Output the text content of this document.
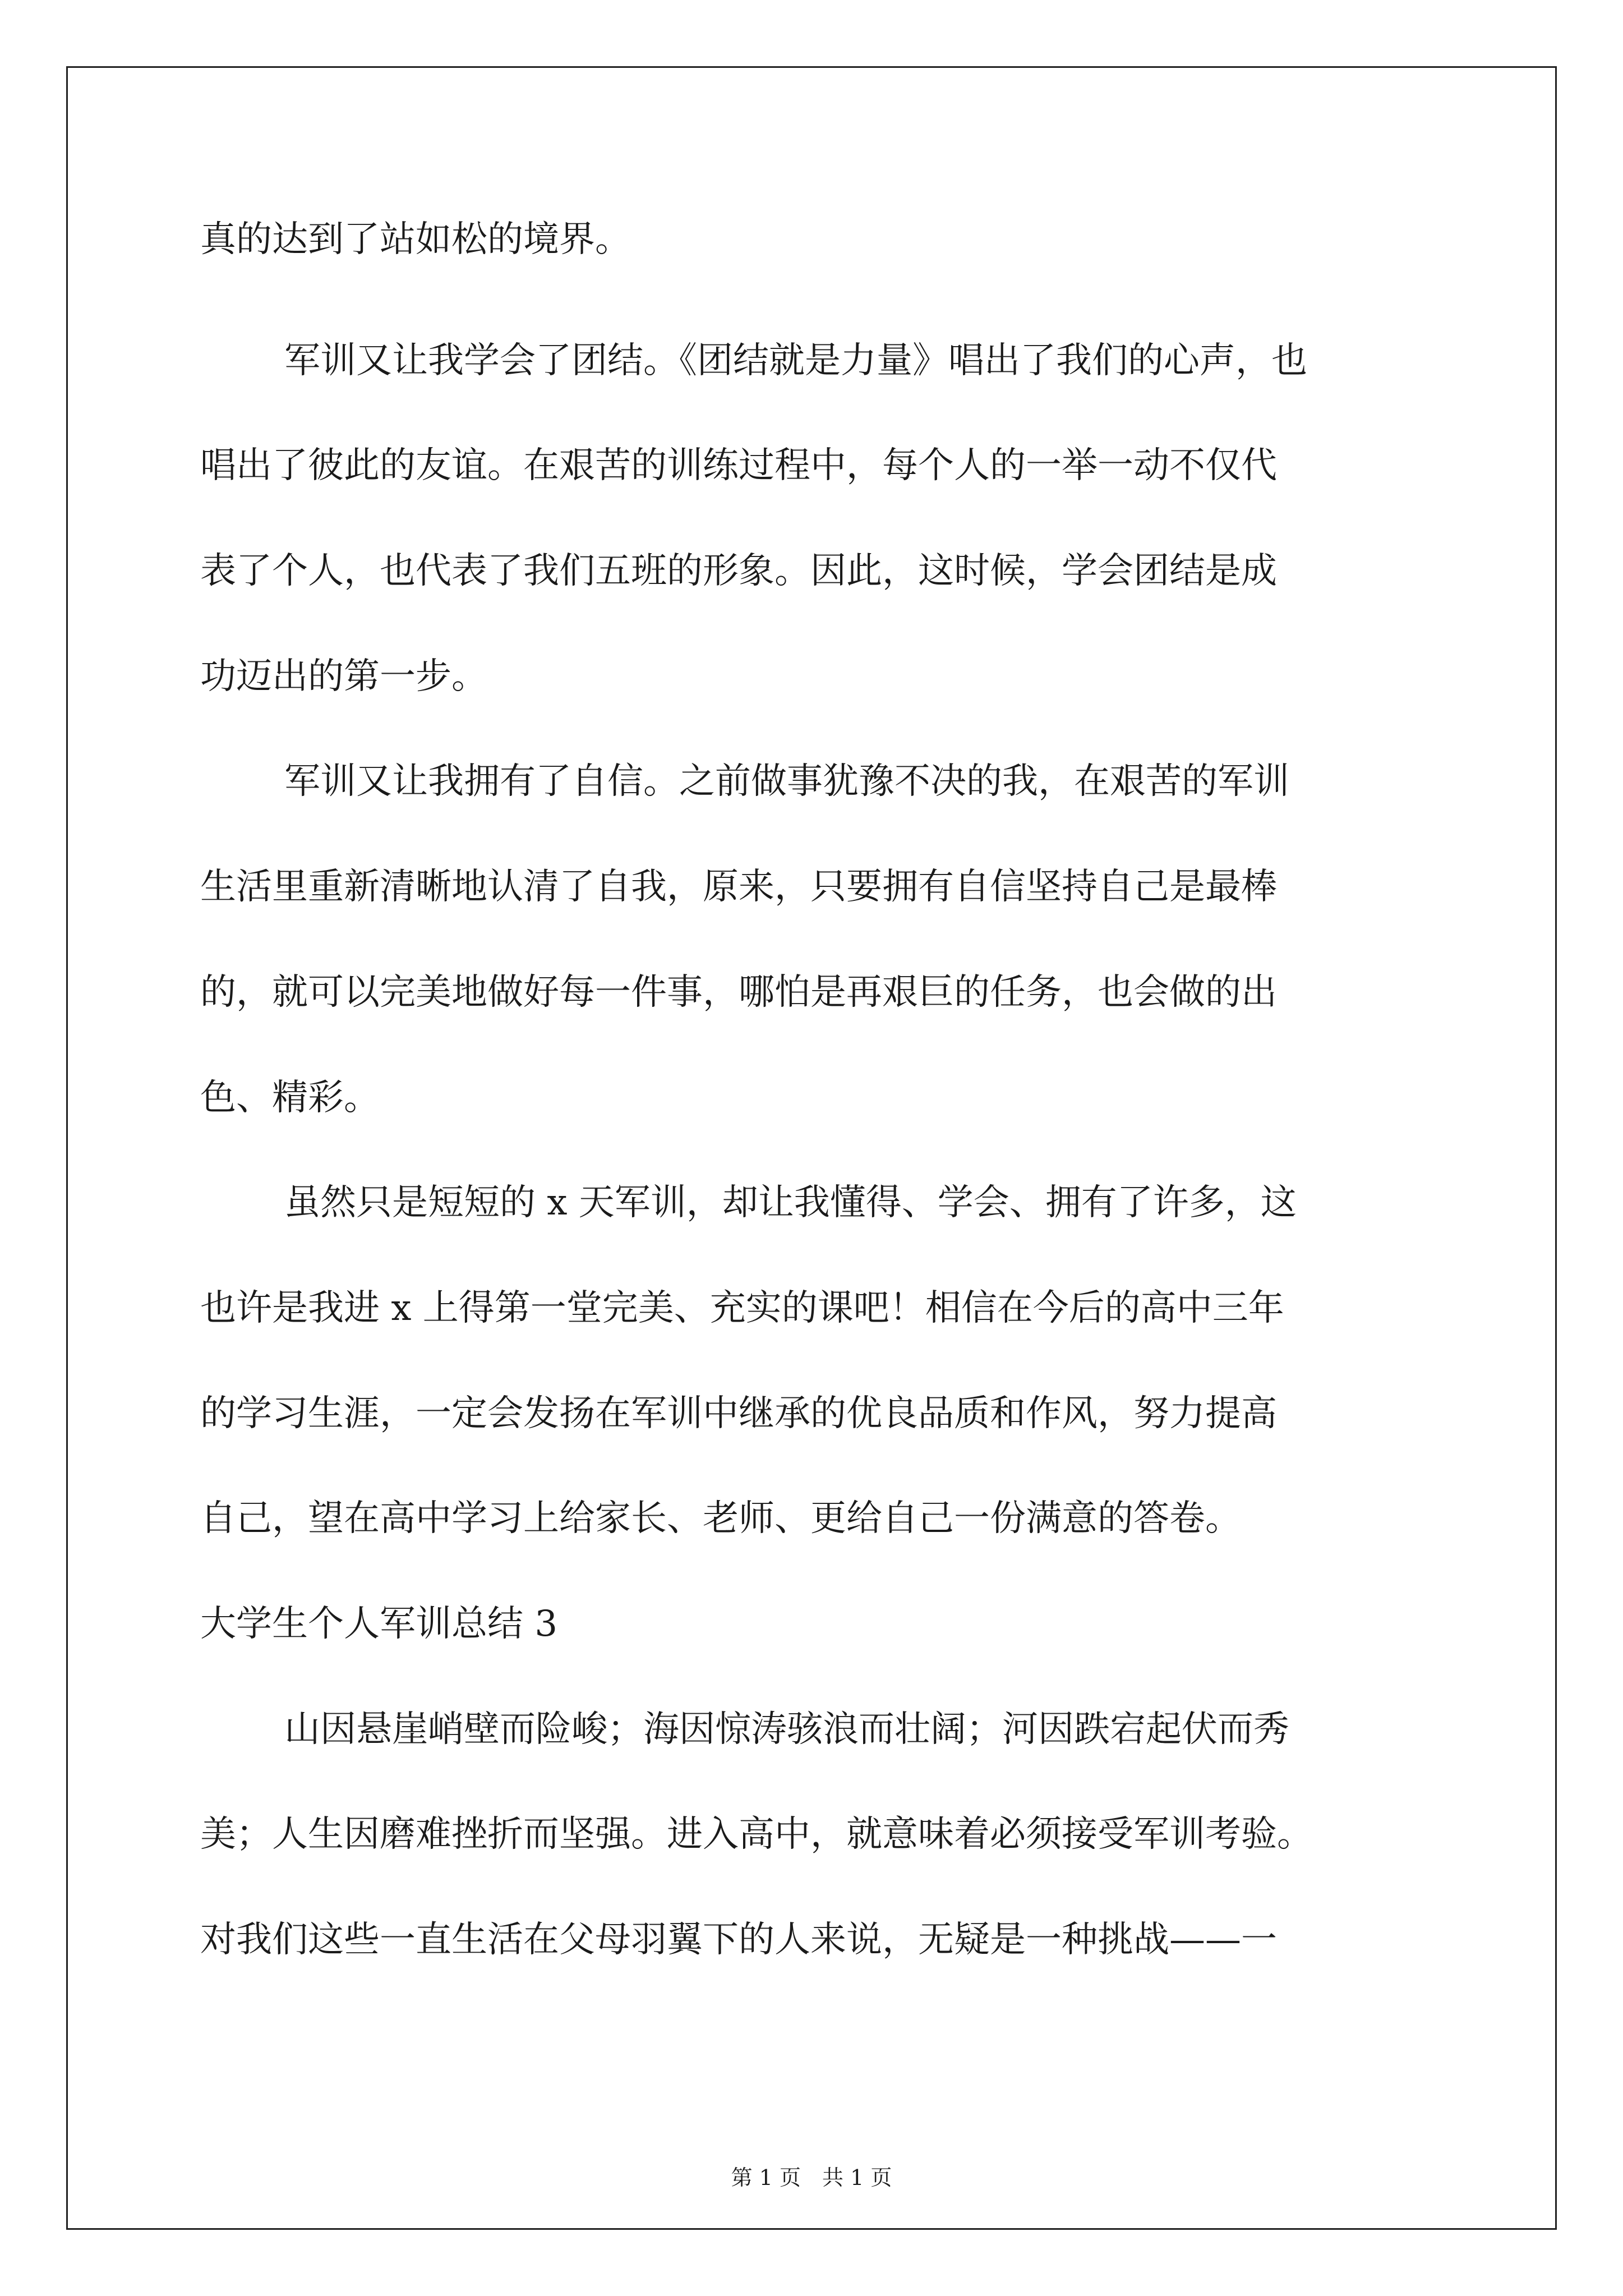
真的达到了站如松的境界。
军训又让我学会了团结。《团结就是力量》唱出了我们的心声，也
唱出了彼此的友谊。在艰苦的训练过程中，每个人的一举一动不仅代
表了个人，也代表了我们五班的形象。因此，这时候，学会团结是成
功迈出的第一步。
军训又让我拥有了自信。之前做事犹豫不决的我，在艰苦的军训
生活里重新清晰地认清了自我，原来，只要拥有自信坚持自己是最棒
的，就可以完美地做好每一件事，哪怕是再艰巨的任务，也会做的出
色、精彩。
虽然只是短短的 x 天军训，却让我懂得、学会、拥有了许多，这
也许是我进 x 上得第一堂完美、充实的课吧！相信在今后的高中三年
的学习生涯，一定会发扬在军训中继承的优良品质和作风，努力提高
自己，望在高中学习上给家长、老师、更给自己一份满意的答卷。
大学生个人军训总结 3
山因悬崖峭壁而险峻；海因惊涛骇浪而壮阔；河因跌宕起伏而秀
美；人生因磨难挫折而坚强。进入高中，就意味着必须接受军训考验。
对我们这些一直生活在父母羽翼下的人来说，无疑是一种挑战——一
第 1 页　共 1 页
